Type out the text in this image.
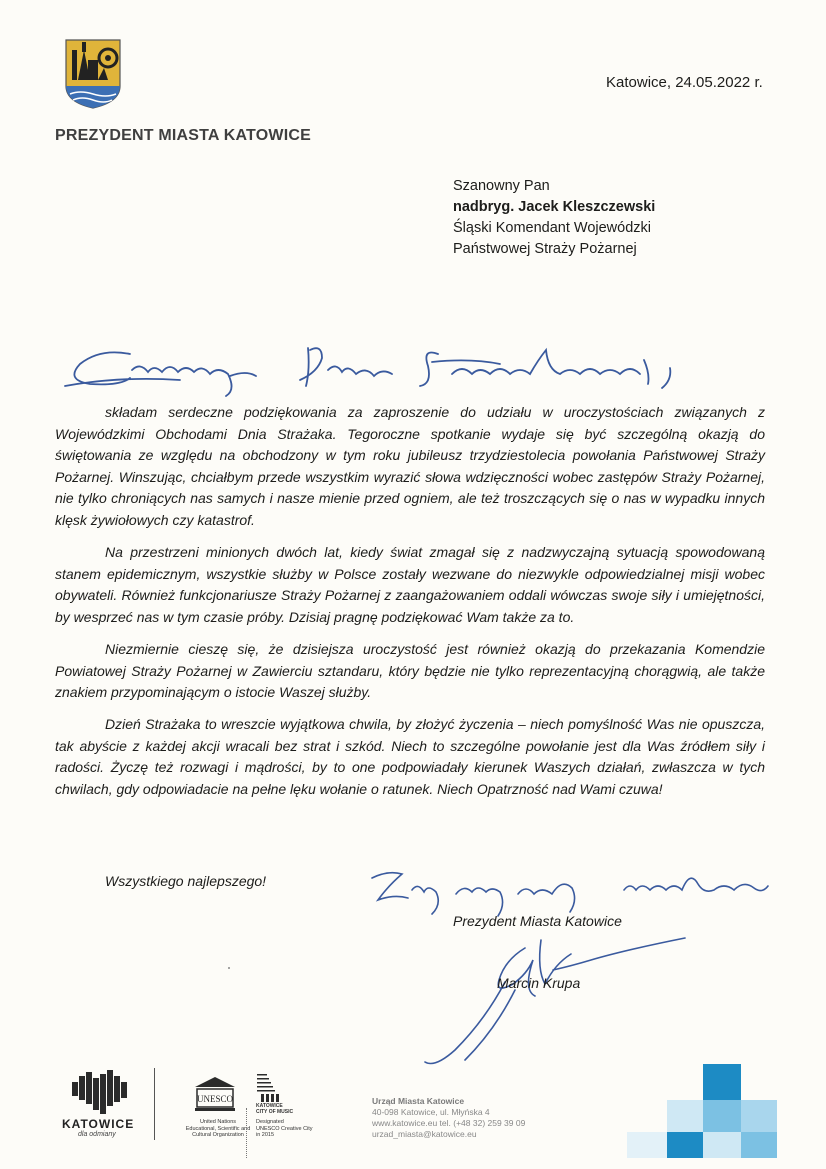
Katowice, 24.05.2022 r.
PREZYDENT MIASTA KATOWICE
Szanowny Pan
nadbryg. Jacek Kleszczewski
Śląski Komendant Wojewódzki
Państwowej Straży Pożarnej

składam serdeczne podziękowania za zaproszenie do udziału w uroczystościach związanych z Wojewódzkimi Obchodami Dnia Strażaka. Tegoroczne spotkanie wydaje się być szczególną okazją do świętowania ze względu na obchodzony w tym roku jubileusz trzydziestolecia powołania Państwowej Straży Pożarnej. Winszując, chciałbym przede wszystkim wyrazić słowa wdzięczności wobec zastępów Straży Pożarnej, nie tylko chroniących nas samych i nasze mienie przed ogniem, ale też troszczących się o nas w wypadku innych klęsk żywiołowych czy katastrof.

Na przestrzeni minionych dwóch lat, kiedy świat zmagał się z nadzwyczajną sytuacją spowodowaną stanem epidemicznym, wszystkie służby w Polsce zostały wezwane do niezwykle odpowiedzialnej misji wobec obywateli. Również funkcjonariusze Straży Pożarnej z zaangażowaniem oddali wówczas swoje siły i umiejętności, by wesprzeć nas w tym czasie próby. Dzisiaj pragnę podziękować Wam także za to.

Niezmiernie cieszę się, że dzisiejsza uroczystość jest również okazją do przekazania Komendzie Powiatowej Straży Pożarnej w Zawierciu sztandaru, który będzie nie tylko reprezentacyjną chorągwią, ale także znakiem przypominającym o istocie Waszej służby.

Dzień Strażaka to wreszcie wyjątkowa chwila, by złożyć życzenia – niech pomyślność Was nie opuszcza, tak abyście z każdej akcji wracali bez strat i szkód. Niech to szczególne powołanie jest dla Was źródłem siły i radości. Życzę też rozwagi i mądrości, by to one podpowiadały kierunek Waszych działań, zwłaszcza w tych chwilach, gdy odpowiadacie na pełne lęku wołanie o ratunek. Niech Opatrzność nad Wami czuwa!

Wszystkiego najlepszego!
Prezydent Miasta Katowice
Marcin Krupa
KATOWICE
dla odmiany
UNESCO
United Nations
Educational, Scientific and
Cultural Organization
KATOWICE
CITY OF MUSIC
Designated
UNESCO Creative City
in 2015
Urząd Miasta Katowice
40-098 Katowice, ul. Młyńska 4
www.katowice.eu tel. (+48 32) 259 39 09
urzad_miasta@katowice.eu
